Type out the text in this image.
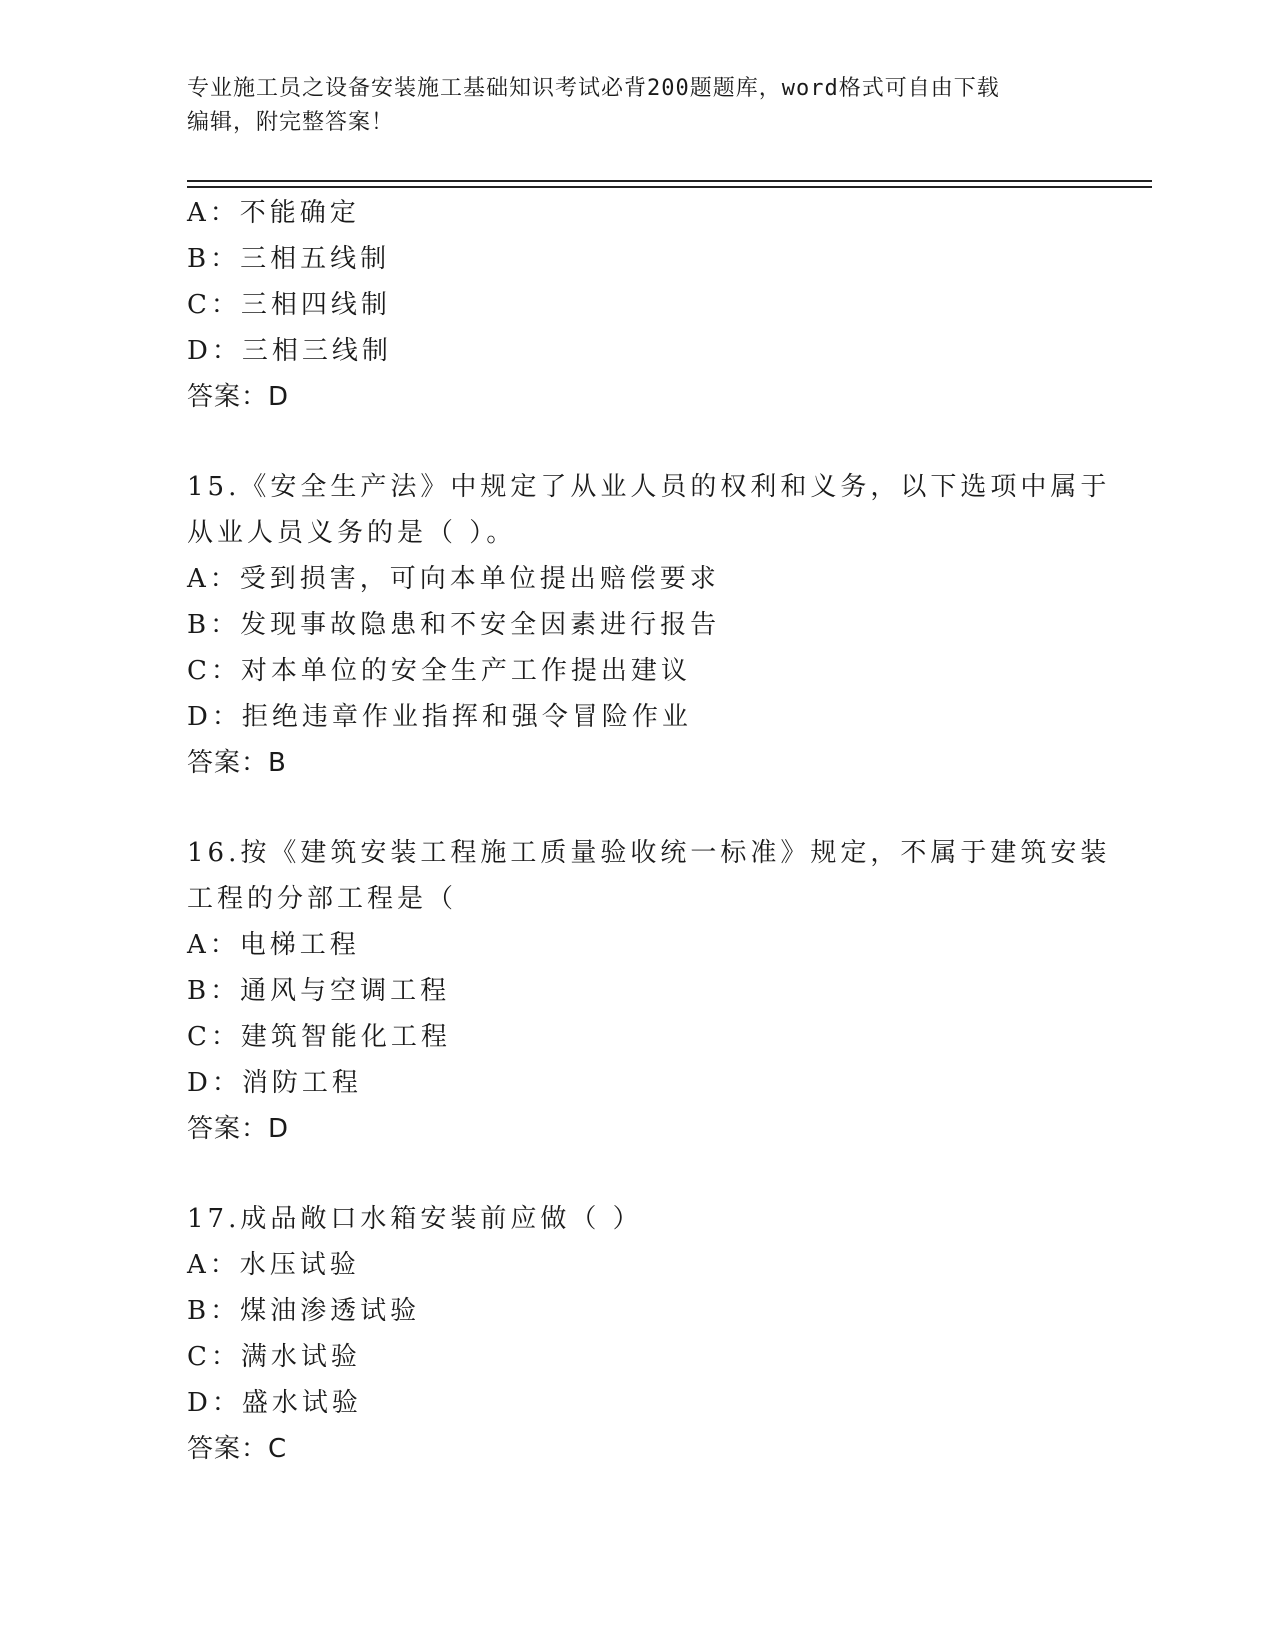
专业施工员之设备安装施工基础知识考试必背200题题库，word格式可自由下载
编辑，附完整答案！
A：不能确定
B：三相五线制
C：三相四线制
D：三相三线制
答案：D
15.《安全生产法》中规定了从业人员的权利和义务，以下选项中属于
从业人员义务的是（ ）。
A：受到损害，可向本单位提出赔偿要求
B：发现事故隐患和不安全因素进行报告
C：对本单位的安全生产工作提出建议
D：拒绝违章作业指挥和强令冒险作业
答案：B
16.按《建筑安装工程施工质量验收统一标准》规定，不属于建筑安装
工程的分部工程是（
A：电梯工程
B：通风与空调工程
C：建筑智能化工程
D：消防工程
答案：D
17.成品敞口水箱安装前应做（ ）
A：水压试验
B：煤油渗透试验
C：满水试验
D：盛水试验
答案：C
